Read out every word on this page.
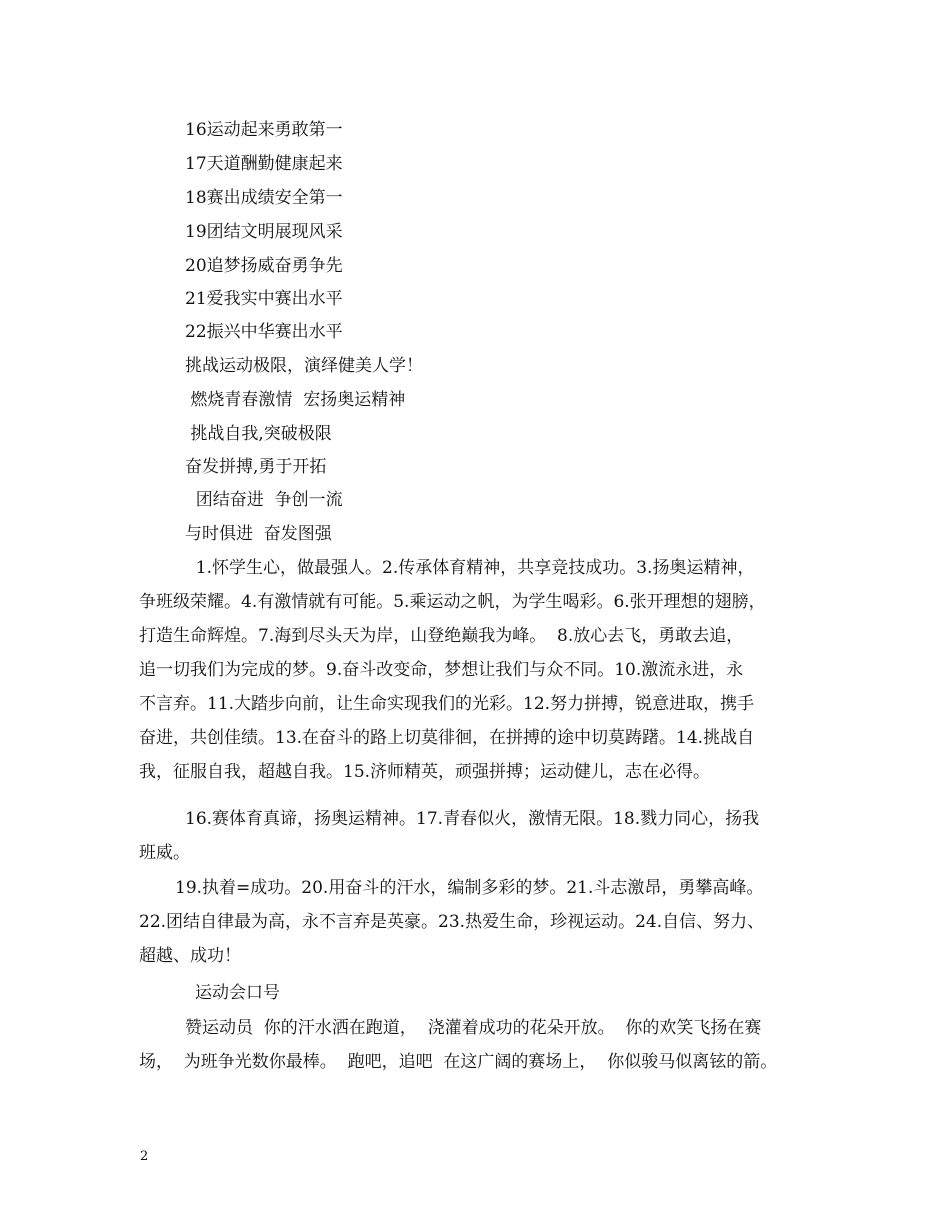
16运动起来勇敢第一
17天道酬勤健康起来
18赛出成绩安全第一
19团结文明展现风采
20追梦扬威奋勇争先
21爱我实中赛出水平
22振兴中华赛出水平
挑战运动极限，演绎健美人学！
燃烧青春激情  宏扬奥运精神
挑战自我,突破极限
奋发拼搏,勇于开拓
团结奋进  争创一流
与时俱进  奋发图强
1.怀学生心，做最强人。2.传承体育精神，共享竞技成功。3.扬奥运精神，
争班级荣耀。4.有激情就有可能。5.乘运动之帆，为学生喝彩。6.张开理想的翅膀，
打造生命辉煌。7.海到尽头天为岸，山登绝巅我为峰。  8.放心去飞，勇敢去追，
追一切我们为完成的梦。9.奋斗改变命，梦想让我们与众不同。10.激流永进，永
不言弃。11.大踏步向前，让生命实现我们的光彩。12.努力拼搏，锐意进取，携手
奋进，共创佳绩。13.在奋斗的路上切莫徘徊，在拼搏的途中切莫踌躇。14.挑战自
我，征服自我，超越自我。15.济师精英，顽强拼搏；运动健儿，志在必得。
16.赛体育真谛，扬奥运精神。17.青春似火，激情无限。18.戮力同心，扬我
班威。
19.执着=成功。20.用奋斗的汗水，编制多彩的梦。21.斗志激昂，勇攀高峰。
22.团结自律最为高，永不言弃是英豪。23.热爱生命，珍视运动。24.自信、努力、
超越、成功！
运动会口号
赞运动员  你的汗水洒在跑道，  浇灌着成功的花朵开放。  你的欢笑飞扬在赛
场，  为班争光数你最棒。  跑吧，追吧  在这广阔的赛场上，  你似骏马似离铉的箭。
2
